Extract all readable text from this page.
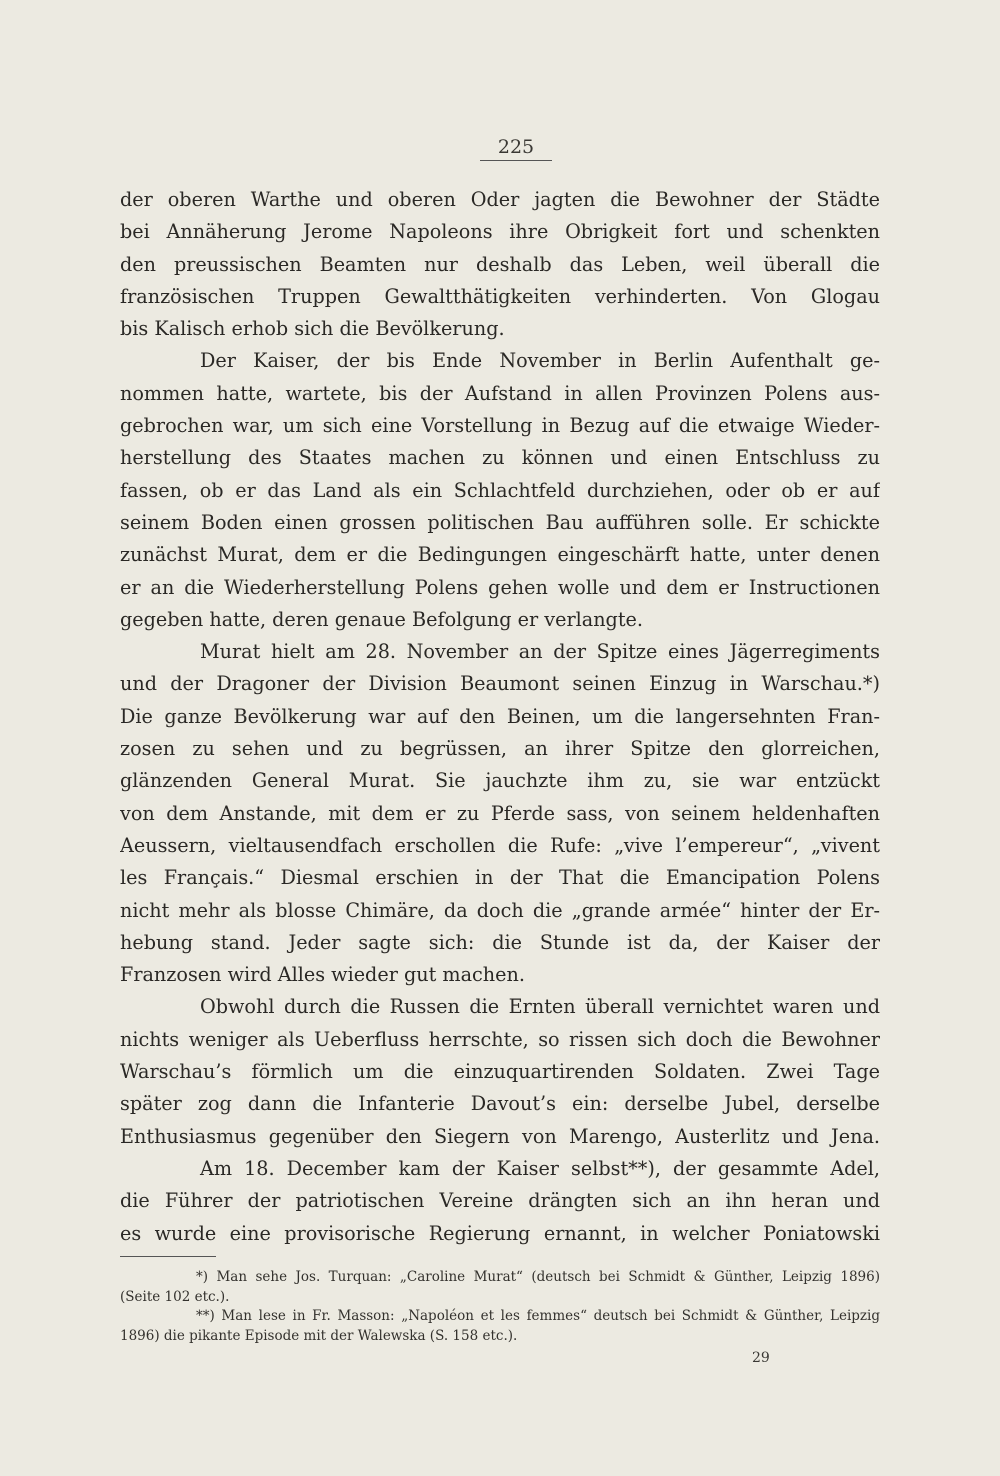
225
der oberen Warthe und oberen Oder jagten die Bewohner der Städte
bei Annäherung Jerome Napoleons ihre Obrigkeit fort und schenkten
den preussischen Beamten nur deshalb das Leben, weil überall die
französischen Truppen Gewaltthätigkeiten verhinderten. Von Glogau
bis Kalisch erhob sich die Bevölkerung.
Der Kaiser, der bis Ende November in Berlin Aufenthalt ge-
nommen hatte, wartete, bis der Aufstand in allen Provinzen Polens aus-
gebrochen war, um sich eine Vorstellung in Bezug auf die etwaige Wieder-
herstellung des Staates machen zu können und einen Entschluss zu
fassen, ob er das Land als ein Schlachtfeld durchziehen, oder ob er auf
seinem Boden einen grossen politischen Bau aufführen solle. Er schickte
zunächst Murat, dem er die Bedingungen eingeschärft hatte, unter denen
er an die Wiederherstellung Polens gehen wolle und dem er Instructionen
gegeben hatte, deren genaue Befolgung er verlangte.
Murat hielt am 28. November an der Spitze eines Jägerregiments
und der Dragoner der Division Beaumont seinen Einzug in Warschau.*)
Die ganze Bevölkerung war auf den Beinen, um die langersehnten Fran-
zosen zu sehen und zu begrüssen, an ihrer Spitze den glorreichen,
glänzenden General Murat. Sie jauchzte ihm zu, sie war entzückt
von dem Anstande, mit dem er zu Pferde sass, von seinem heldenhaften
Aeussern, vieltausendfach erschollen die Rufe: „vive l’empereur“, „vivent
les Français.“ Diesmal erschien in der That die Emancipation Polens
nicht mehr als blosse Chimäre, da doch die „grande armée“ hinter der Er-
hebung stand. Jeder sagte sich: die Stunde ist da, der Kaiser der
Franzosen wird Alles wieder gut machen.
Obwohl durch die Russen die Ernten überall vernichtet waren und
nichts weniger als Ueberfluss herrschte, so rissen sich doch die Bewohner
Warschau’s förmlich um die einzuquartirenden Soldaten. Zwei Tage
später zog dann die Infanterie Davout’s ein: derselbe Jubel, derselbe
Enthusiasmus gegenüber den Siegern von Marengo, Austerlitz und Jena.
Am 18. December kam der Kaiser selbst**), der gesammte Adel,
die Führer der patriotischen Vereine drängten sich an ihn heran und
es wurde eine provisorische Regierung ernannt, in welcher Poniatowski
*) Man sehe Jos. Turquan: „Caroline Murat“ (deutsch bei Schmidt & Günther, Leipzig 1896)
(Seite 102 etc.).
**) Man lese in Fr. Masson: „Napoléon et les femmes“ deutsch bei Schmidt & Günther, Leipzig
1896) die pikante Episode mit der Walewska (S. 158 etc.).
29
